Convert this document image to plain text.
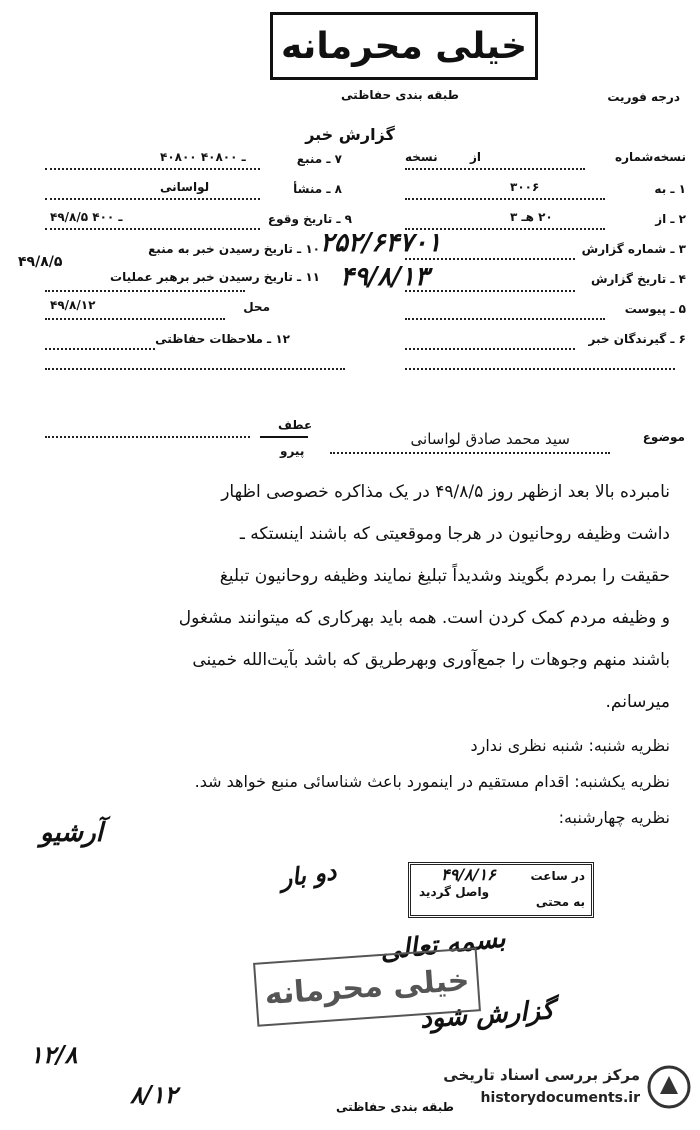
خیلی محرمانه
طبقه بندی حفاظتی	درجه فوریت
گزارش خبر
نسخه‌شماره
از
نسخه
۱ ـ به
۳۰۰۶
۲ ـ از
۲۰ هـ ۳
۳ ـ شماره گزارش
۲۵۲/۶۴۷۰۱
۴ ـ تاریخ گزارش
۴۹/۸/۱۳
۵ ـ پیوست
۶ ـ گیرندگان خبر
۷ ـ منبع
۴۰۸۰۰ ـ ۴۰۸۰۰
۸ ـ منشأ
لواسانی
۹ ـ تاریخ وقوع
۴۹/۸/۵ ـ ۴۰۰
۱۰ ـ تاریخ رسیدن خبر به منبع
۴۹/۸/۵
۱۱ ـ تاریخ رسیدن خبر برهبر عملیات
محل
۴۹/۸/۱۲
۱۲ ـ ملاحظات حفاظتی
عطف
پیرو
موضوع
سید محمد صادق لواسانی
نامبرده بالا بعد ازظهر روز ۴۹/۸/۵ در یک مذاکره خصوصی اظهار
داشت وظیفه روحانیون در هرجا وموقعیتی که باشند اینستکه ـ
حقیقت را بمردم بگویند وشدیداً تبلیغ نمایند وظیفه روحانیون تبلیغ
و وظیفه مردم کمک کردن است. همه باید بهرکاری که میتوانند مشغول
باشند منهم وجوهات را جمع‌آوری وبهرطریق که باشد بآیت‌الله خمینی
میرسانم.
نظریه شنبه: شنبه نظری ندارد
نظریه یکشنبه: اقدام مستقیم در اینمورد باعث شناسائی منبع خواهد شد.
نظریه چهارشنبه:
در ساعت
واصل گردید
به محتی
۴۹/۸/۱۶
آرشیو
دو بار
بسمه تعالی
گزارش شود
۱۲/۸
۸/۱۲
خیلی محرمانه
طبقه بندی حفاظتی
مرکز بررسی اسناد تاریخی
historydocuments.ir
